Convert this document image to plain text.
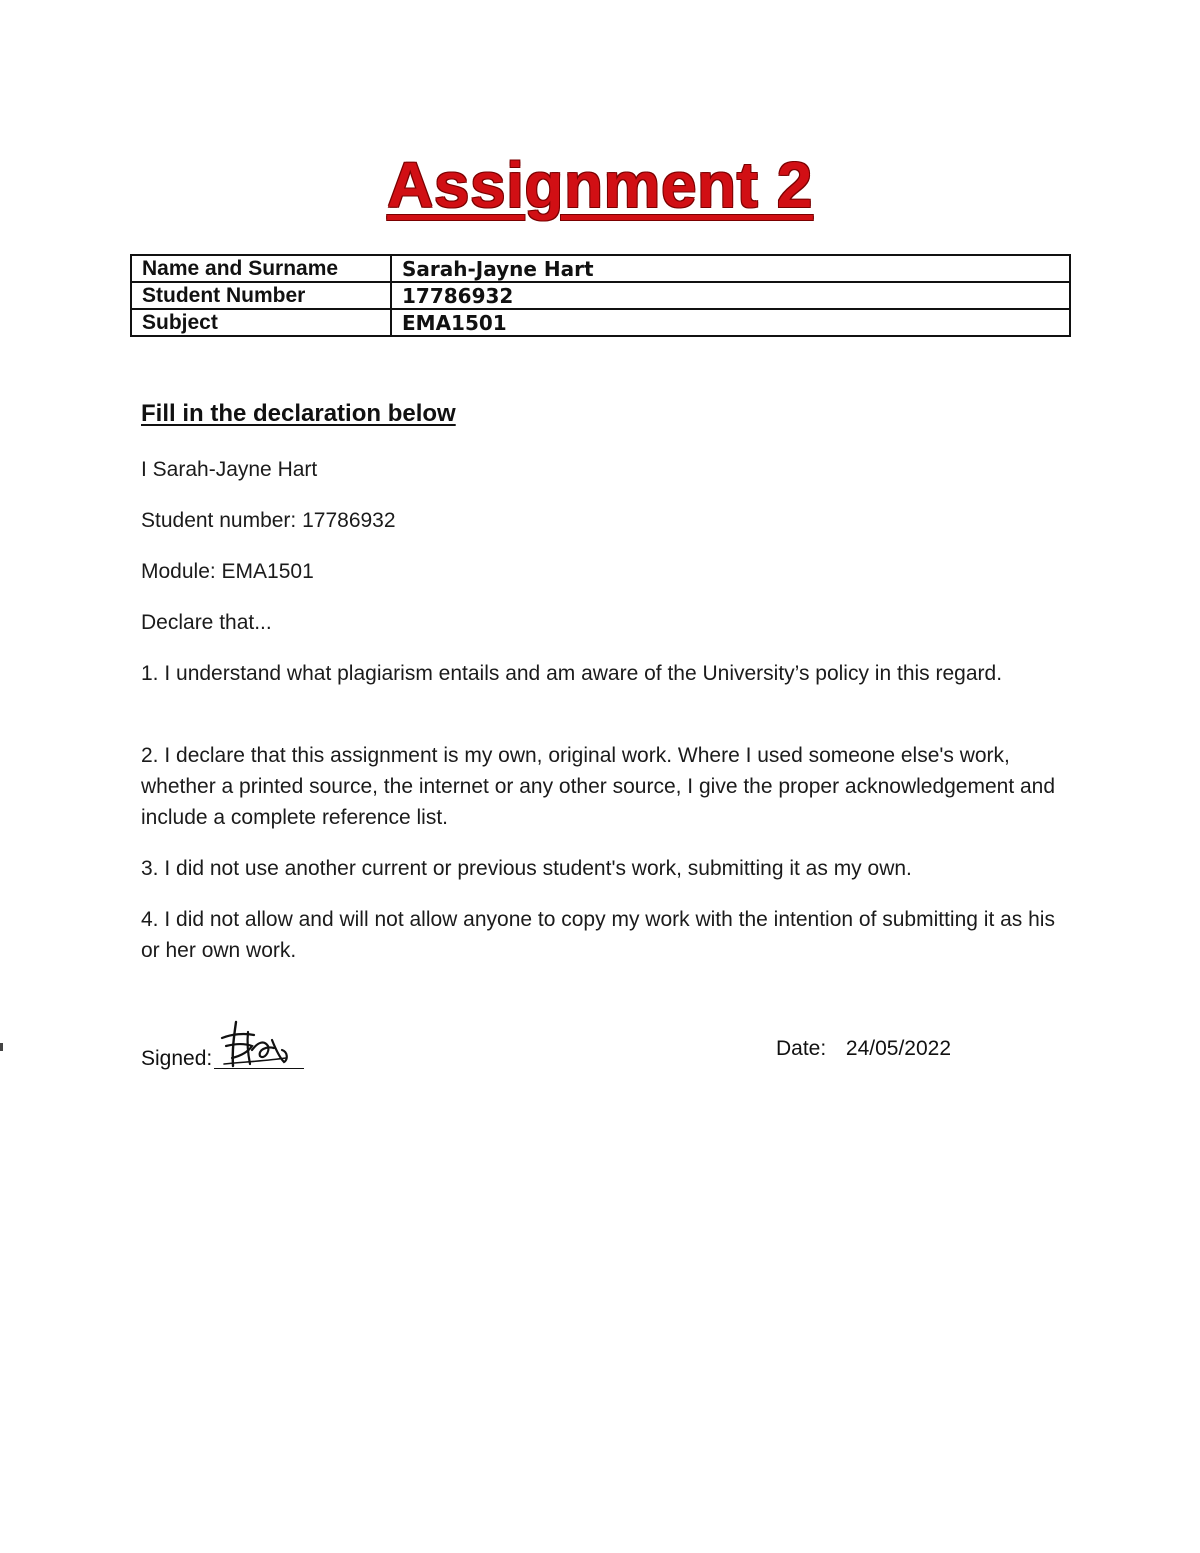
Assignment 2
Name and Surname	Sarah-Jayne Hart
Student Number	17786932
Subject	EMA1501
Fill in the declaration below
I Sarah-Jayne Hart
Student number: 17786932
Module: EMA1501
Declare that...

1. I understand what plagiarism entails and am aware of the University’s policy in this regard.

2. I declare that this assignment is my own, original work. Where I used someone else's work, whether a printed source, the internet or any other source, I give the proper acknowledgement and include a complete reference list.

3. I did not use another current or previous student's work, submitting it as my own.

4. I did not allow and will not allow anyone to copy my work with the intention of submitting it as his or her own work.

Signed:	Date: 24/05/2022
